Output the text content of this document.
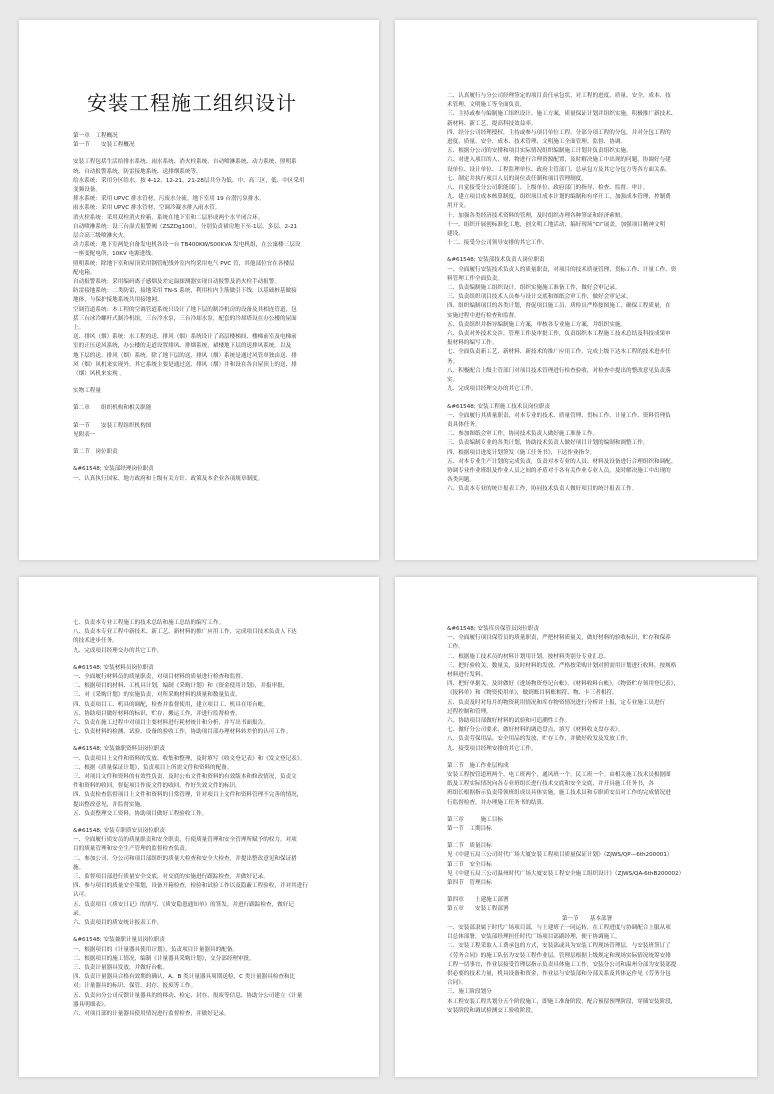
安装工程施工组织设计
第一章　工程概况
第一节　　安装工程概况
安装工程包括生活给排水系统、雨水系统、消火栓系统、自动喷淋系统、动力系统、照明系
统、自动报警系统、防雷接地系统、送排烟系统等。
给水系统：采用分区给水。按 4-12、12-21、21-28层共分为低、中、高三区，低、中区采用
变频设备。
排水系统：采用 UPVC 排水管材，污废水分流。地下室用 19 台潜污泵排水。
雨水系统：采用 UPVC 排水管材，空调冷凝水排入雨水管。
消火栓系统：采用双栓消火栓箱，系统在地下室和二层形成两个水平闭合环。
自动喷淋系统：设三台湿式报警阀（ZSZDg100），分别负责裙房地下至-1层、多层、2-21
层合高三级喷淋火火。
动力系统：地下室两处自备发电机各设一台 TB400KW/500KVA 发电机组，在公寓楼三层设
一座变配电所，10KV 电源进线。
照明系统：除地下室和屋顶采用钢管配线外室内均采用电气 PVC 管，其他部位宜在各楼层
配电箱。
自动报警系统：采用编码离子感烟及差定温探测器实现自动报警及消火栓手动报警。
防雷接地系统：二类防雷，接地采用 TN-S 系统，利用柱内主筋做引下线，以基础桩基做接
地体，与保护接地系统共用接地网。
空调管道系统：本工程的空调管道系统只设计了地下层的制冷机房的设备及其相连管道，包
括三台冰冷螺杆式制冷机组，三台冷水泵，三台冷却水泵，配套的冷却塔设在办公楼的屋面
上。
送、排风（烟）系统：水工程的送、排风（烟）系统设计了高层楼梯间、楼梯前室及电梯前
室的正压送风系统，办公楼的走道设置排风、排烟系统，裙楼地下层的送排风系统。以及
地下层的送、排风（烟）系统。除了地下层的送、排风（烟）系统是通过风管单独由送、排
风（烟）风机来实现外，其它系统主要是通过送、排风（烟）井和设在各自屋顶上的送、排
（烟）风机来实现 。
实物工程量
第二章　　组织机构和相关职能
第一节　　安装工程组织机构图
见附表一
第二节　岗位职责
&#61548; 安装部经理岗位职责
一、认真执行国家、地方政府和上级有关方针、政策及本企业各项规章制度。
二、认真履行与分公司经理签定的项目责任承包状，对工程的进度、质量、安全、成本、技
术管理、文明施工等全面负责。
三、主持或参与编制施工组织设计、施工方案，质量保证计划并组织实施，积极推广新技术、
新材料、新工艺，提高科技效益率。
四、经分公司经理授权，主持或参与项目单位工程、分部分项工程的分包，并对分包工程的
进度、质量、安全、成本、技术管理、文明施工全面管理、监督、协调。
五、根据分公司的安排和项目实际情况组织编制施工计划并负责组织实施。
六、对进入项目的人、财、物进行合理资源配置，及时解决施工中出现的问题，协调好与建
设单位、设计单位、工程监理单位、政府主管部门、总承包方及其它分包方等各方面关系。
七、制定并执行项目人员的岗位责任制和项目管理制度。
八、自觉接受分公司职能部门、上级单位、政府部门的指导、检查、监督、审计。
九、建立项目成本核算制度，组织项目成本计划的编制和有序开工，加强成本管理，控制费
用开支。
十、加强各类经济技术资料的管理，及时组织办理各种签证和经济索赔。
十一、组织开展创标准化工地，创文明工地活动，搞好现场“CI”展盖，加强项目精神文明
建设。
十二、接受分公司领导安排的其它工作。
&#61548; 安装部技术负责人岗位职责
一、全面履行安装技术负责人的质量职责，对项目的技术质量管理、贯标工作、计量工作、资
料管理工作全面负责。
二、负责编制施工组织设计，组织实施施工准备工作，做好会审记录。
三、负责组织项目技术人员参与设计交底和图纸会审工作，做好会审记录。
四、组织编制项目的各类计划，督促项目施工员、质检员严格按图施工，确保工程质量，在
实施过程中进行检查和监督。
五、负责组织并指导编制施工方案，审核各专业施工方案，并组织实施。
六、负责对外技术交涉，管理工作及审批工作，负责组织本工程施工技术总结及科技成果申
报材料的编写工作。
七、全面负责新工艺、新材料、新技术的推广应用工作，完成上级下达本工程的技术进步任
务。
八、积极配合上级主管部门对项目技术管理进行检查验收，对检查中提出的整改意见负责落
实。
九、完成项目经理交办的其它工作。
&#61548; 安装工程施工技术员岗位职责
一、全面履行其质量职责，对本专业的技术、质量管理、贯标工作、计量工作、资料管理负
责具体任务。
二、参加图纸会审工作，协同技术负责人做好施工准备工作。
三、负责编制专业的各类计划，协助技术负责人做好项目计划的编制和调整工作。
四、根据项目进度计划签发《施工任务书》，下达作业指令。
五、对本专业生产计划的完成负责，负责对本专业的人员、材料及设备进行合理组织和调配。
协调专业作业班组及作业人员之间的矛盾对于各有关作业专业人员，及时解决施工中出现的
各类问题。
六、负责本专业的统计报表工作，协同技术负责人做好项目的统计报表工作。
七、负责本专业工程施工的技术总结和施工总结的编写工作。
八、负责本专业工程中新技术、新工艺、新材料的推广应用工作，完成项目技术负责人下达
的技术进步任务。
九、完成项目经理交办的其它工作。
&#61548; 安装材料员岗位职责
一、全面履行材料员的质量职责，对项目材料的质量进行检查和监督。
二、根据项目的材料、工机具计划，编制《采购计划》和《资金使用计划》，并报审批。
三、对《采购计划》的实施负责，对所采购材料的质量和数量负责。
四、负责项目工、机具的调配，检查并监督使用，建立项目工、机具在用台帐。
五、协助项目做好材料的标识、贮存、搬运工作，并进行监督检查。
六、负责在施工过程中对项目主要材料进行耗材统计和分析，并写出书面报告。
七、负责材料的检测、试验、设备的验收工作，协助项目部办理材料转差价的认可工作。
&#61548; 安装兼职资料员岗位职责
一、负责项目上文件和资料的发放、收集和整理，及时填写《收文登记表》和《发文登记表》。
二、根据《质量保证计划》，负责项目上所需文件和资料的配备。
三、对项目文件和资料的有效性负责，及时公布文件和资料的有效版本和修改情况，负责文
件和资料的收回，督促项目作废文件的收回，作好失效文件的标识。
四、负责检查监督项目上文件和资料的日常管理，针对项目上文件和资料管理不完善的情况，
提出整改意见，并监督实施。
五、负责整理交工资料，协助项目做好工程验收工作。
&#61548; 安装专职质安员岗位职责
一、全面履行质安员的质量职责和安全职责，行使质量管理和安全管理所赋予的权力，对项
目的质量管理和安全生产管理的监督检查负责。
二、参加公司、分公司和项目部组织的质量大检查和安全大检查，并提出整改意见和保证措
施。
三、监督项目部进行质量安全交底，对交底的实施进行跟踪检查，并做好记录。
四、参与项目的质量安全策划，设备开箱检查，检验和试验工作以及隐蔽工程验收，并对其进行
认可。
五、负责项目《质安日记》的填写，《质安隐患通知单》的签发，并进行跟踪检查，做好记
录。
六、负责项目的质安统计报表工作。
&#61548; 安装兼职计量员岗位职责
一、根据项目的《计量器具使用计划》，负责项目计量器具的配备。
二、根据项目的施工情况，编制《计量器具采购计划》，交分部经理审批。
三、负责计量器具发放，并做好台帐。
四、负责计量器具合格有效期的确认，A、B 类计量器具周期送检，C 类计量器具检查和比
对；计量器具的标识、保管、封存、报废等工作。
五、负责向分公司反馈计量器具的的移动、检定、封存、报废等信息，协助分公司建立《计量
器具明细表》。
六、对项目部的计量器具使用情况进行监督检查，并做好记录。
&#61548; 安装库房保管员岗位职责
一、全面履行项目保管员的质量职责，严把材料质量关，做好材料的验收标识，贮存和保养
工作。
二、根据施工技术员的材料计划用计划，按材料类别分专业汇总。
三、把好验收关，数量关，及时材料的发放，严格按采购计划对照需用计划进行收料，按规格
材料进行发料。
四、把好单据关，及时做好《进场物资登记台帐》，《材料收料台帐》，《物资贮存领用登记表》，
《报料单》和《物资使用单》，做到账目料账相符、物、卡三者相符。
五、负责及时对每月的物资耗用情况和库存物资情况进行分析并上报，定专业施工员进行
过程控制和管理。
六、协助项目部做好材料的试验和可追溯性工作。
七、做好分公司要求，做好材料的调造盘点，填写《材料收支盘存表》。
八、负责劳保用品、安全用品的发放、贮存工作，并做好收发及发放工作。
九、接受项目经理安排的其它工作。
第三节　施工作业层构成
安装工程按管道班两个、电工班两个，通风班一个，民工班一个。由相关施工技术员根据图
纸及工程实际情况向各专业班组长进行技术交底和安全交底，并开具施工任务书，各
班组长根据指示负责带领班组成员具体实施，施工技术员和专职质安员对工作的完成情况进
行监督检查，并办理施工任务书的结算。
第三章　　　施工目标
第一节　工期目标
第二节　质量目标
见《中建五局三公司时代广场大厦安装工程项目质量保证计划》（ZJWS/QP—6th200001）
第三节　安全目标
见《中建五局三公司温州时代广场大厦安装工程安全施工组织设计》（ZJWS/QA-6thB200002）
第四节　管理目标
第四章　　土建施工部署
第五章　　安装工程部署
第一节　　基本部署
一、安装部隶属于时代广场项目部，与土建班子一同运转，在工程进度与协调配合上服从项
目总体部署，安装部经理担任时代广场项目部副经理，便于协调施工。
二、安装工程采取人工费承包的方式，安装部或具为安装工程现场管理层，与安装班签订了
《劳务合同》的施工队伍为安装工程作业层。管理层根据上级规定和现场实际情况统筹安排
工程一切事宜，作业层接受管理层指示负责具体施工工作，安装分公司和温州分部为安装部提
供必要的技术力量，机具设备和资金，作业层与安装部和分部关系及其体运作见《劳务分包
合同》。
三、施工阶段划分
本工程安装工程共划分五个阶段施工，即施工准备阶段，配合预留预埋阶段，穿插安装阶段，
安装阶段和调试检测交工验收阶段。
